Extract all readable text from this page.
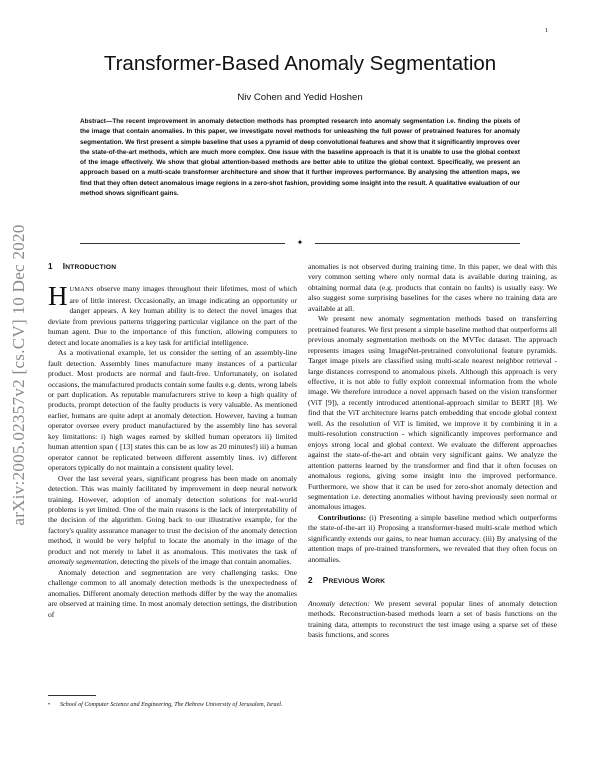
1
arXiv:2005.02357v2 [cs.CV] 10 Dec 2020
Transformer-Based Anomaly Segmentation
Niv Cohen and Yedid Hoshen
Abstract—The recent improvement in anomaly detection methods has prompted research into anomaly segmentation i.e. finding the pixels of the image that contain anomalies. In this paper, we investigate novel methods for unleashing the full power of pretrained features for anomaly segmentation. We first present a simple baseline that uses a pyramid of deep convolutional features and show that it significantly improves over the state-of-the-art methods, which are much more complex. One issue with the baseline approach is that it is unable to use the global context of the image effectively. We show that global attention-based methods are better able to utilize the global context. Specifically, we present an approach based on a multi-scale transformer architecture and show that it further improves performance. By analysing the attention maps, we find that they often detect anomalous image regions in a zero-shot fashion, providing some insight into the result. A qualitative evaluation of our method shows significant gains.
✦
1 INTRODUCTION

HUMANS observe many images throughout their lifetimes, most of which are of little interest. Occasionally, an image indicating an opportunity or danger appears. A key human ability is to detect the novel images that deviate from previous patterns triggering particular vigilance on the part of the human agent. Due to the importance of this function, allowing computers to detect and locate anomalies is a key task for artificial intelligence.

As a motivational example, let us consider the setting of an assembly-line fault detection. Assembly lines manufacture many instances of a particular product. Most products are normal and fault-free. Unfortunately, on isolated occasions, the manufactured products contain some faults e.g. dents, wrong labels or part duplication. As reputable manufacturers strive to keep a high quality of products, prompt detection of the faulty products is very valuable. As mentioned earlier, humans are quite adept at anomaly detection. However, having a human operator oversee every product manufactured by the assembly line has several key limitations: i) high wages earned by skilled human operators ii) limited human attention span ( [13] states this can be as low as 20 minutes!) iii) a human operator cannot be replicated between different assembly lines. iv) different operators typically do not maintain a consistent quality level.

Over the last several years, significant progress has been made on anomaly detection. This was mainly facilitated by improvement in deep neural network training. However, adoption of anomaly detection solutions for real-world problems is yet limited. One of the main reasons is the lack of interpretability of the decision of the algorithm. Going back to our illustrative example, for the factory's quality assurance manager to trust the decision of the anomaly detection method, it would be very helpful to locate the anomaly in the image of the product and not merely to label it as anomalous. This motivates the task of anomaly segmentation, detecting the pixels of the image that contain anomalies.

Anomaly detection and segmentation are very challenging tasks. One challenge common to all anomaly detection methods is the unexpectedness of anomalies. Different anomaly detection methods differ by the way the anomalies are observed at training time. In most anomaly detection settings, the distribution of

• School of Computer Science and Engineering, The Hebrew University of Jerusalem, Israel.

anomalies is not observed during training time. In this paper, we deal with this very common setting where only normal data is available during training, as obtaining normal data (e.g. products that contain no faults) is usually easy. We also suggest some surprising baselines for the cases where no training data are available at all.

We present new anomaly segmentation methods based on transferring pretrained features. We first present a simple baseline method that outperforms all previous anomaly segmentation methods on the MVTec dataset. The approach represents images using ImageNet-pretrained convolutional feature pyramids. Target image pixels are classified using multi-scale nearest neighbor retrieval - large distances correspond to anomalous pixels. Although this approach is very effective, it is not able to fully exploit contextual information from the whole image. We therefore introduce a novel approach based on the vision transformer (ViT [9]), a recently introduced attentional-approach similar to BERT [8]. We find that the ViT architecture learns patch embedding that encode global context well. As the resolution of ViT is limited, we improve it by combining it in a multi-resolution construction - which significantly improves performance and enjoys strong local and global context. We evaluate the different approaches against the state-of-the-art and obtain very significant gains. We analyze the attention patterns learned by the transformer and find that it often focuses on anomalous regions, giving some insight into the improved performance. Furthermore, we show that it can be used for zero-shot anomaly detection and segmentation i.e. detecting anomalies without having previously seen normal or anomalous images.

Contributions: (i) Presenting a simple baseline method which outperforms the state-of-the-art ii) Proposing a transformer-based multi-scale method which significantly extends our gains, to near human accuracy. (iii) By analysing of the attention maps of pre-trained transformers, we revealed that they often focus on anomalies.

2 PREVIOUS WORK

Anomaly detection: We present several popular lines of anomaly detection methods. Reconstruction-based methods learn a set of basis functions on the training data, attempts to reconstruct the test image using a sparse set of these basis functions, and scores
